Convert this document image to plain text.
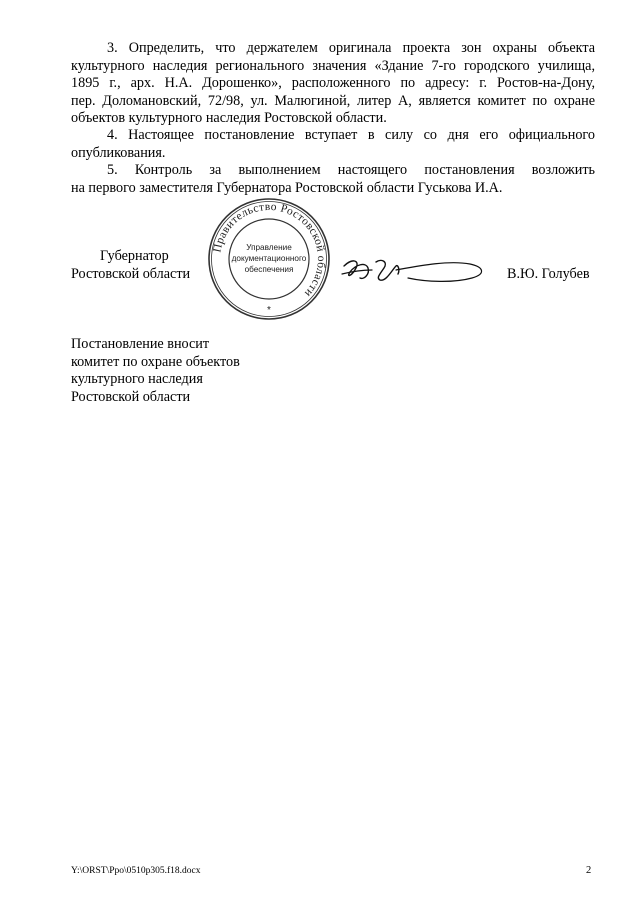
3. Определить, что держателем оригинала проекта зон охраны объекта
культурного наследия регионального значения «Здание 7-го городского училища,
1895 г., арх. Н.А. Дорошенко», расположенного по адресу: г. Ростов-на-Дону,
пер. Доломановский, 72/98, ул. Малюгиной, литер А, является комитет по охране
объектов культурного наследия Ростовской области.

4. Настоящее постановление вступает в силу со дня его официального
опубликования.

5. Контроль за выполнением настоящего постановления возложить
на первого заместителя Губернатора Ростовской области Гуськова И.А.

Губернатор
Ростовской области
Правительство Ростовской области
Управление
документационного
обеспечения
*
В.Ю. Голубев
Постановление вносит
комитет по охране объектов
культурного наследия
Ростовской области
Y:\ORST\Ppo\0510p305.f18.docx	2
